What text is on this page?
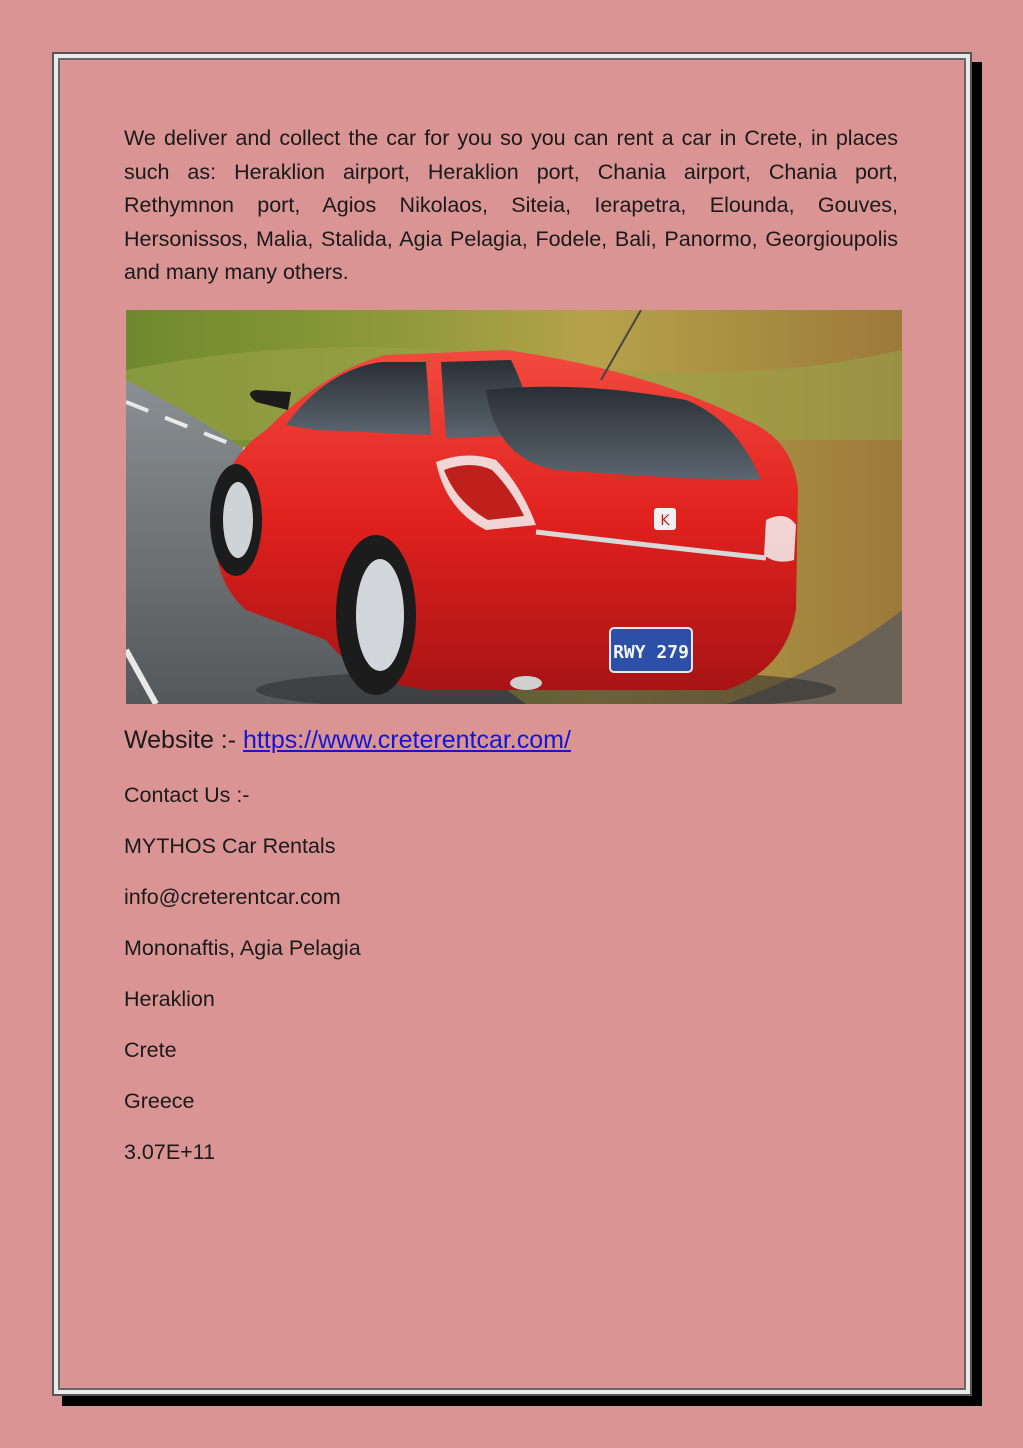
We deliver and collect the car for you so you can rent a car in Crete, in places such as: Heraklion airport, Heraklion port, Chania airport, Chania port, Rethymnon port, Agios Nikolaos, Siteia, Ierapetra, Elounda, Gouves, Hersonissos, Malia, Stalida, Agia Pelagia, Fodele, Bali, Panormo, Georgioupolis and many many others.

K
RWY 279
Website :- https://www.creterentcar.com/
Contact Us :-
MYTHOS Car Rentals
info@creterentcar.com
Mononaftis, Agia Pelagia
Heraklion
Crete
Greece
3.07E+11
